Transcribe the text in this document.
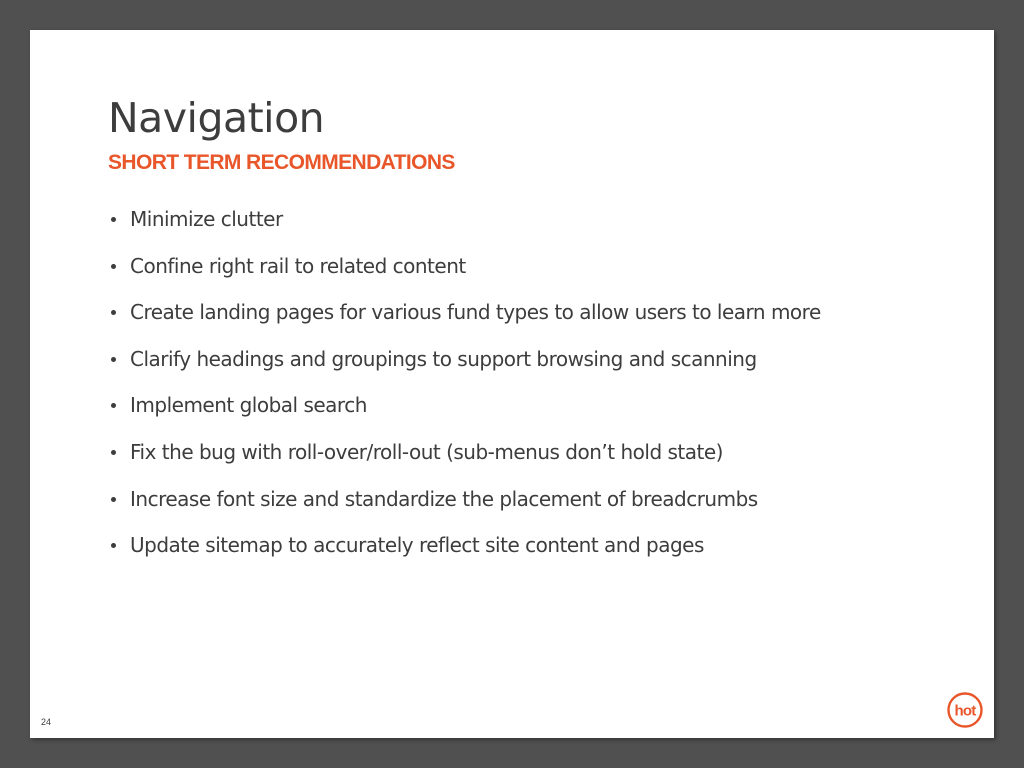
Navigation
SHORT TERM RECOMMENDATIONS
Minimize clutter
Confine right rail to related content
Create landing pages for various fund types to allow users to learn more
Clarify headings and groupings to support browsing and scanning
Implement global search
Fix the bug with roll-over/roll-out (sub-menus don’t hold state)
Increase font size and standardize the placement of breadcrumbs
Update sitemap to accurately reflect site content and pages
24
hot
